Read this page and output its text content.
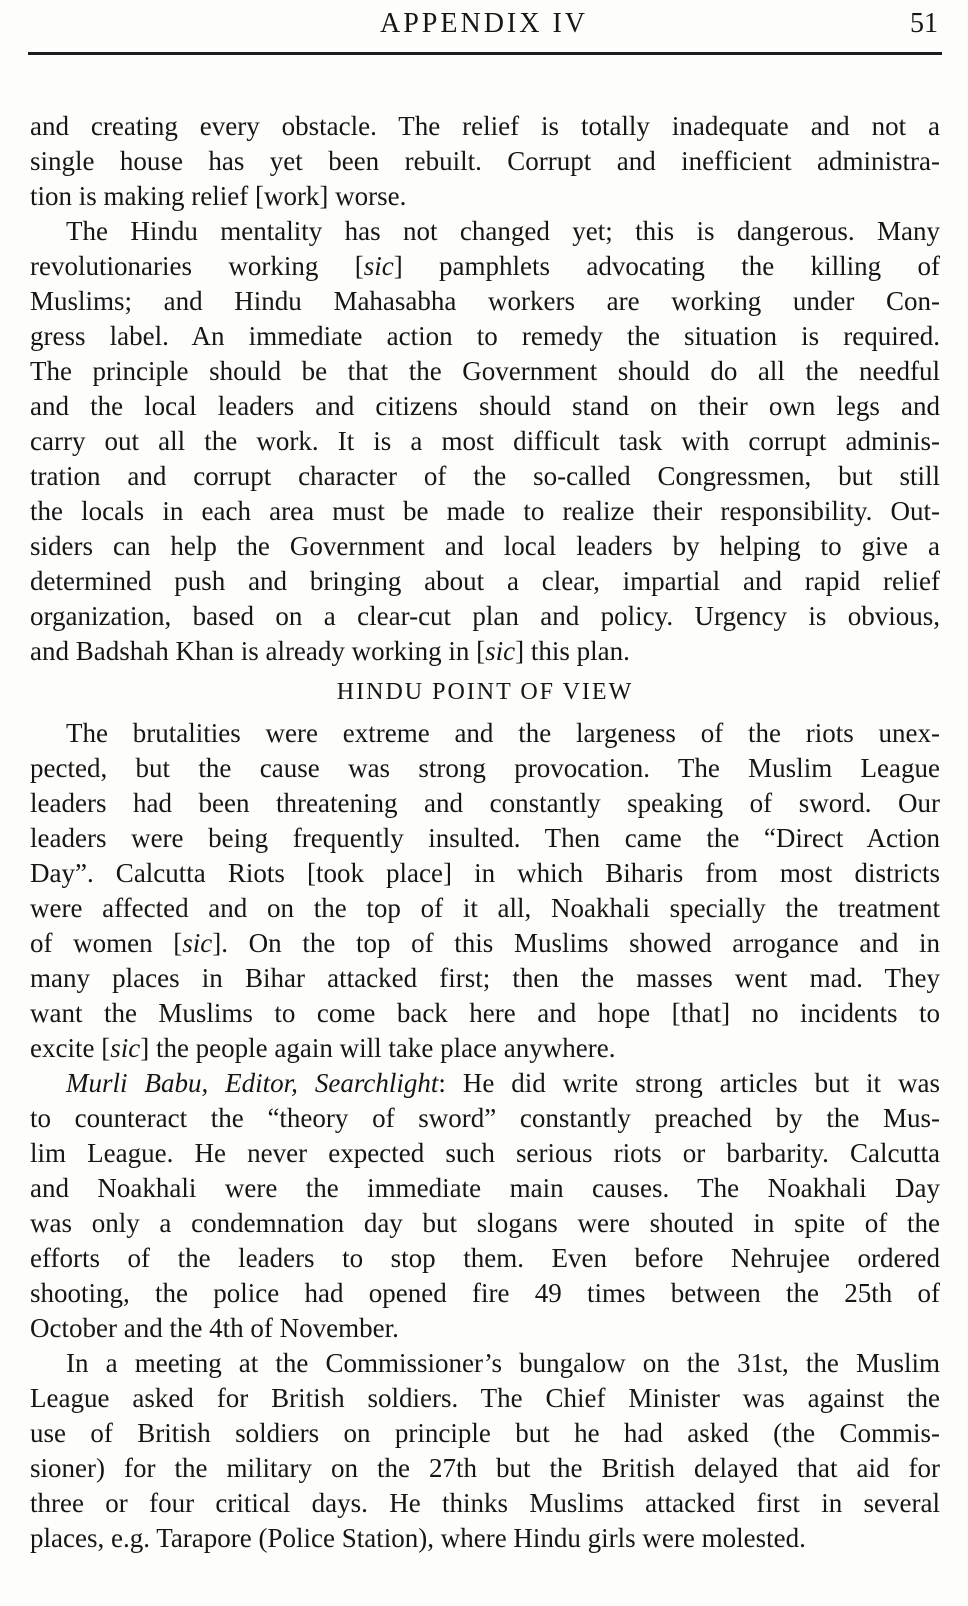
APPENDIX IV	51
and creating every obstacle. The relief is totally inadequate and not a
single house has yet been rebuilt. Corrupt and inefficient administra-
tion is making relief [work] worse.
The Hindu mentality has not changed yet; this is dangerous. Many
revolutionaries working [sic] pamphlets advocating the killing of
Muslims; and Hindu Mahasabha workers are working under Con-
gress label. An immediate action to remedy the situation is required.
The principle should be that the Government should do all the needful
and the local leaders and citizens should stand on their own legs and
carry out all the work. It is a most difficult task with corrupt adminis-
tration and corrupt character of the so-called Congressmen, but still
the locals in each area must be made to realize their responsibility. Out-
siders can help the Government and local leaders by helping to give a
determined push and bringing about a clear, impartial and rapid relief
organization, based on a clear-cut plan and policy. Urgency is obvious,
and Badshah Khan is already working in [sic] this plan.
HINDU POINT OF VIEW
The brutalities were extreme and the largeness of the riots unex-
pected, but the cause was strong provocation. The Muslim League
leaders had been threatening and constantly speaking of sword. Our
leaders were being frequently insulted. Then came the “Direct Action
Day”. Calcutta Riots [took place] in which Biharis from most districts
were affected and on the top of it all, Noakhali specially the treatment
of women [sic]. On the top of this Muslims showed arrogance and in
many places in Bihar attacked first; then the masses went mad. They
want the Muslims to come back here and hope [that] no incidents to
excite [sic] the people again will take place anywhere.
Murli Babu, Editor, Searchlight: He did write strong articles but it was
to counteract the “theory of sword” constantly preached by the Mus-
lim League. He never expected such serious riots or barbarity. Calcutta
and Noakhali were the immediate main causes. The Noakhali Day
was only a condemnation day but slogans were shouted in spite of the
efforts of the leaders to stop them. Even before Nehrujee ordered
shooting, the police had opened fire 49 times between the 25th of
October and the 4th of November.
In a meeting at the Commissioner’s bungalow on the 31st, the Muslim
League asked for British soldiers. The Chief Minister was against the
use of British soldiers on principle but he had asked (the Commis-
sioner) for the military on the 27th but the British delayed that aid for
three or four critical days. He thinks Muslims attacked first in several
places, e.g. Tarapore (Police Station), where Hindu girls were molested.
